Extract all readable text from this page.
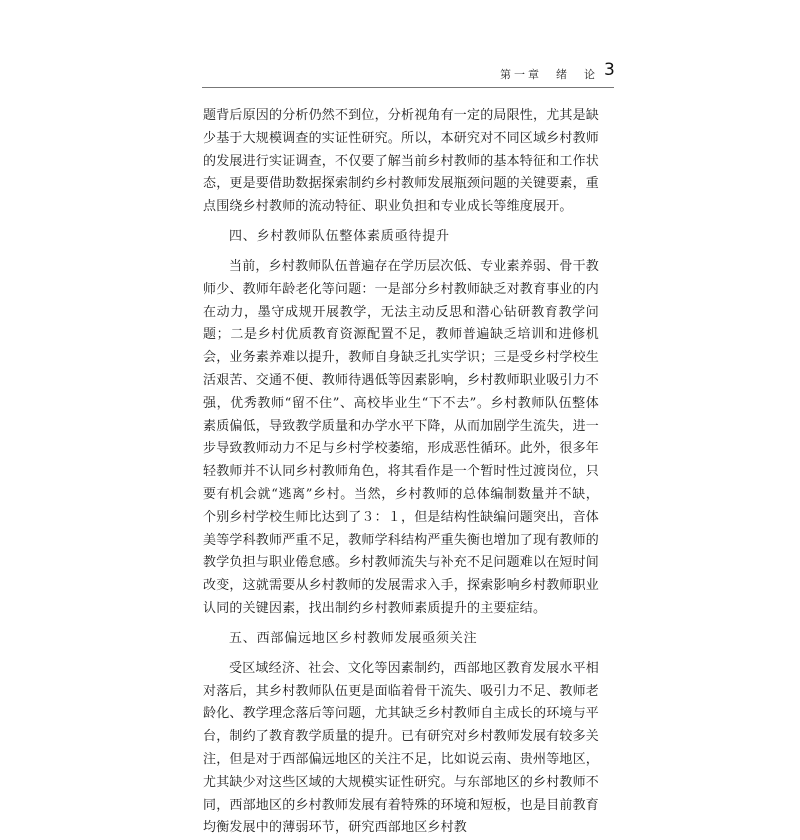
第一章　绪　论 3

题背后原因的分析仍然不到位，分析视角有一定的局限性，尤其是缺少基于大规模调查的实证性研究。所以，本研究对不同区域乡村教师的发展进行实证调查，不仅要了解当前乡村教师的基本特征和工作状态，更是要借助数据探索制约乡村教师发展瓶颈问题的关键要素，重点围绕乡村教师的流动特征、职业负担和专业成长等维度展开。

四、乡村教师队伍整体素质亟待提升

当前，乡村教师队伍普遍存在学历层次低、专业素养弱、骨干教师少、教师年龄老化等问题：一是部分乡村教师缺乏对教育事业的内在动力，墨守成规开展教学，无法主动反思和潜心钻研教育教学问题；二是乡村优质教育资源配置不足，教师普遍缺乏培训和进修机会，业务素养难以提升，教师自身缺乏扎实学识；三是受乡村学校生活艰苦、交通不便、教师待遇低等因素影响，乡村教师职业吸引力不强，优秀教师“留不住”、高校毕业生“下不去”。乡村教师队伍整体素质偏低，导致教学质量和办学水平下降，从而加剧学生流失，进一步导致教师动力不足与乡村学校萎缩，形成恶性循环。此外，很多年轻教师并不认同乡村教师角色，将其看作是一个暂时性过渡岗位，只要有机会就“逃离”乡村。当然，乡村教师的总体编制数量并不缺，个别乡村学校生师比达到了３：１，但是结构性缺编问题突出，音体美等学科教师严重不足，教师学科结构严重失衡也增加了现有教师的教学负担与职业倦怠感。乡村教师流失与补充不足问题难以在短时间改变，这就需要从乡村教师的发展需求入手，探索影响乡村教师职业认同的关键因素，找出制约乡村教师素质提升的主要症结。

五、西部偏远地区乡村教师发展亟须关注

受区域经济、社会、文化等因素制约，西部地区教育发展水平相对落后，其乡村教师队伍更是面临着骨干流失、吸引力不足、教师老龄化、教学理念落后等问题，尤其缺乏乡村教师自主成长的环境与平台，制约了教育教学质量的提升。已有研究对乡村教师发展有较多关注，但是对于西部偏远地区的关注不足，比如说云南、贵州等地区，尤其缺少对这些区域的大规模实证性研究。与东部地区的乡村教师不同，西部地区的乡村教师发展有着特殊的环境和短板，也是目前教育均衡发展中的薄弱环节，研究西部地区乡村教
